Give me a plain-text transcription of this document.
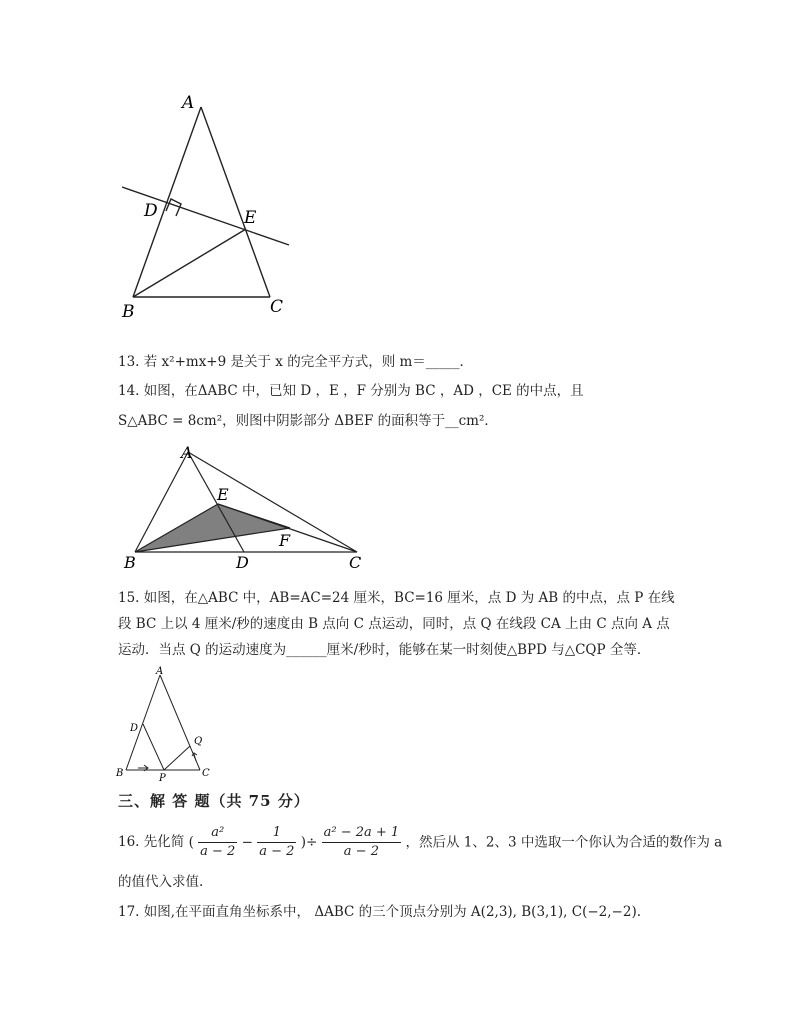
A
D	E
B	C
13. 若 x²+mx+9 是关于 x 的完全平方式，则 m＝_____．
14. 如图，在ΔABC 中，已知 D ，E ，F 分别为 BC ，AD ，CE 的中点，且
S△ABC = 8cm²，则图中阴影部分 ΔBEF 的面积等于__cm²．
A
E
F
B	D	C
15. 如图，在△ABC 中，AB=AC=24 厘米，BC=16 厘米，点 D 为 AB 的中点，点 P 在线段 BC 上以 4 厘米/秒的速度由 B 点向 C 点运动，同时，点 Q 在线段 CA 上由 C 点向 A 点运动．当点 Q 的运动速度为______厘米/秒时，能够在某一时刻使△BPD 与△CQP 全等．
A
D
Q
B	P	C
三、解 答 题（共 75 分）
16. 先化简 ( $\frac{\text{a²}}{a - 2} - \frac{1}{a - 2}$ )÷ $\frac{\text{a² − 2a + 1}}{a - 2}$ ，然后从 1、2、3 中选取一个你认为合适的数作为 a
的值代入求值.
17. 如图,在平面直角坐标系中， ΔABC 的三个顶点分别为 A(2,3), B(3,1), C(−2,−2).
